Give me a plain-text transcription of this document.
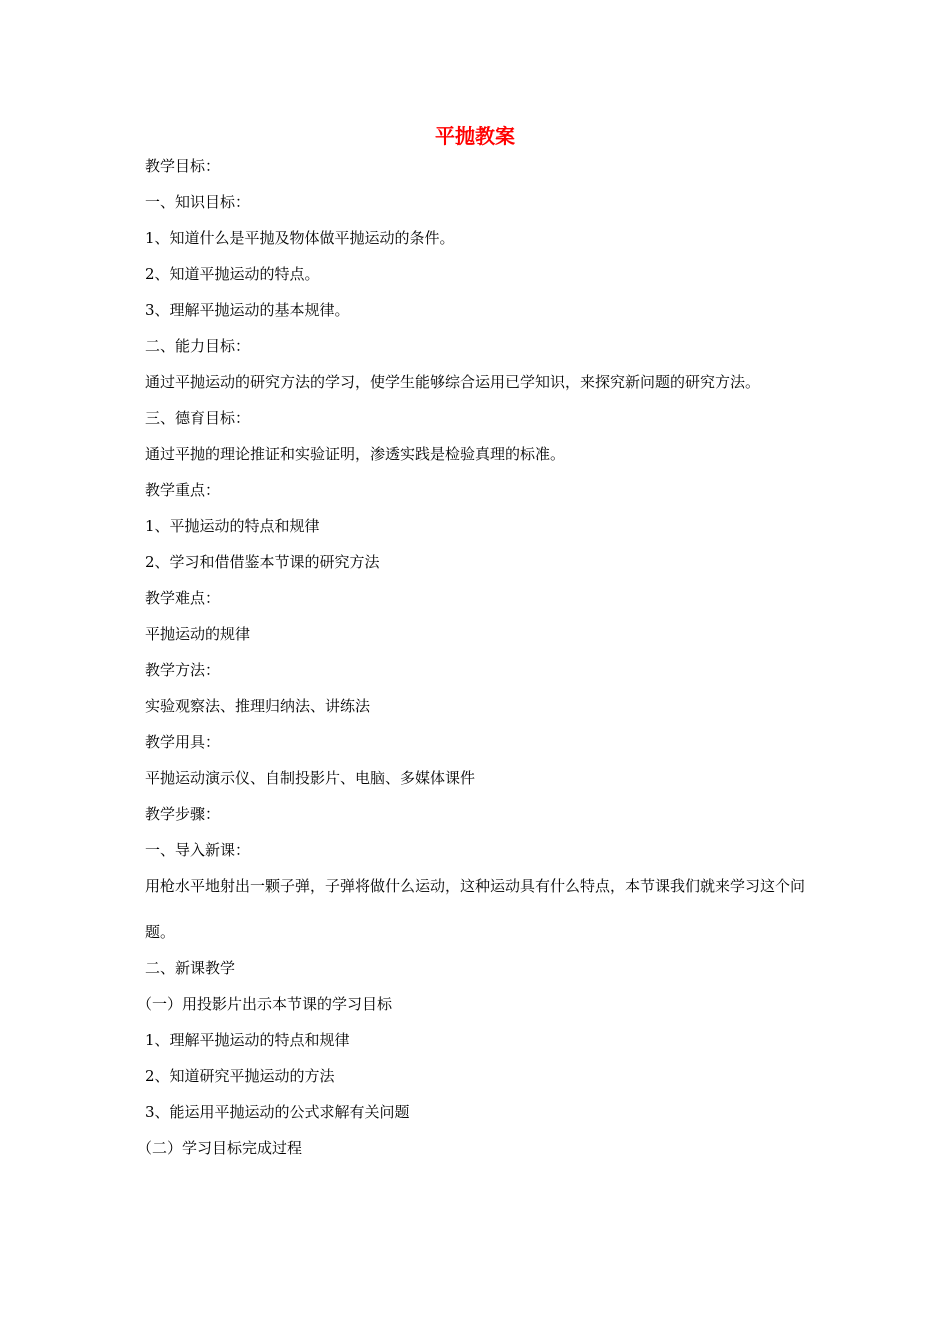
平抛教案

教学目标：

一、知识目标：

1、知道什么是平抛及物体做平抛运动的条件。

2、知道平抛运动的特点。

3、理解平抛运动的基本规律。

二、能力目标：

通过平抛运动的研究方法的学习，使学生能够综合运用已学知识，来探究新问题的研究方法。

三、德育目标：

通过平抛的理论推证和实验证明，渗透实践是检验真理的标准。

教学重点：

1、平抛运动的特点和规律

2、学习和借借鉴本节课的研究方法

教学难点：

平抛运动的规律

教学方法：

实验观察法、推理归纳法、讲练法

教学用具：

平抛运动演示仪、自制投影片、电脑、多媒体课件

教学步骤：

一、导入新课：

用枪水平地射出一颗子弹，子弹将做什么运动，这种运动具有什么特点，本节课我们就来学习这个问题。

二、新课教学

（一）用投影片出示本节课的学习目标

1、理解平抛运动的特点和规律

2、知道研究平抛运动的方法

3、能运用平抛运动的公式求解有关问题

（二）学习目标完成过程
